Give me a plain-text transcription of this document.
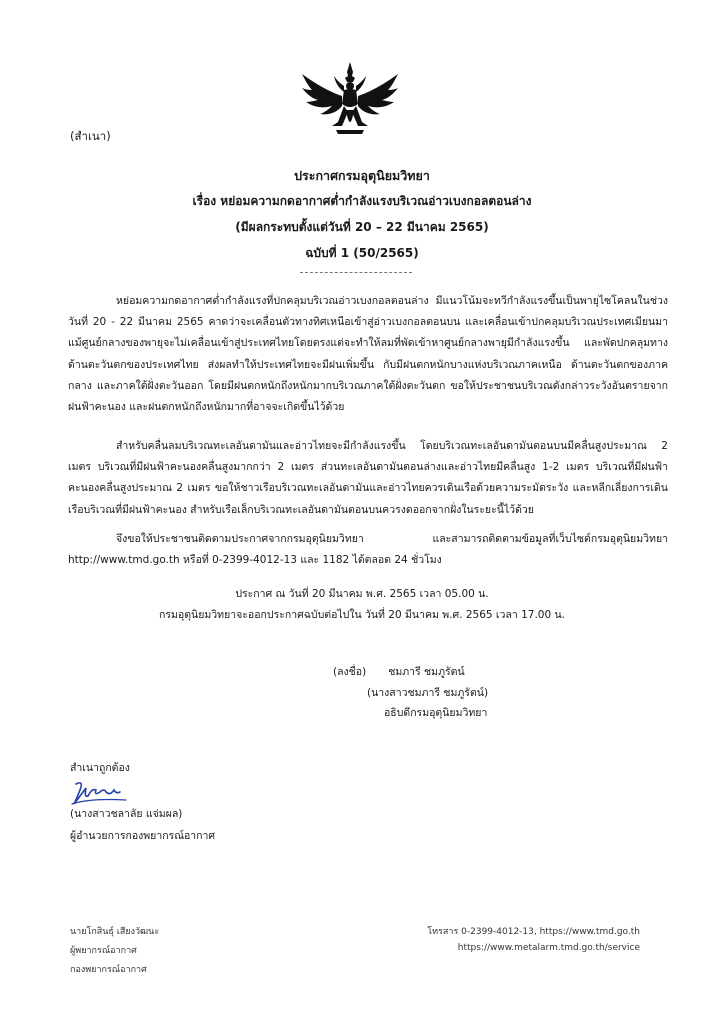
(สำเนา)
ประกาศกรมอุตุนิยมวิทยา
เรื่อง หย่อมความกดอากาศต่ำกำลังแรงบริเวณอ่าวเบงกอลตอนล่าง
(มีผลกระทบตั้งแต่วันที่ 20 – 22 มีนาคม 2565)
ฉบับที่ 1 (50/2565)

หย่อมความกดอากาศต่ำกำลังแรงที่ปกคลุมบริเวณอ่าวเบงกอลตอนล่าง มีแนวโน้มจะทวีกำลังแรงขึ้นเป็นพายุไซโคลนในช่วงวันที่ 20 - 22 มีนาคม 2565 คาดว่าจะเคลื่อนตัวทางทิศเหนือเข้าสู่อ่าวเบงกอลตอนบน และเคลื่อนเข้าปกคลุมบริเวณประเทศเมียนมา แม้ศูนย์กลางของพายุจะไม่เคลื่อนเข้าสู่ประเทศไทยโดยตรงแต่จะทำให้ลมที่พัดเข้าหาศูนย์กลางพายุมีกำลังแรงขึ้น และพัดปกคลุมทางด้านตะวันตกของประเทศไทย ส่งผลทำให้ประเทศไทยจะมีฝนเพิ่มขึ้น กับมีฝนตกหนักบางแห่งบริเวณภาคเหนือ ด้านตะวันตกของภาคกลาง และภาคใต้ฝั่งตะวันออก โดยมีฝนตกหนักถึงหนักมากบริเวณภาคใต้ฝั่งตะวันตก ขอให้ประชาชนบริเวณดังกล่าวระวังอันตรายจากฝนฟ้าคะนอง และฝนตกหนักถึงหนักมากที่อาจจะเกิดขึ้นไว้ด้วย

สำหรับคลื่นลมบริเวณทะเลอันดามันและอ่าวไทยจะมีกำลังแรงขึ้น โดยบริเวณทะเลอันดามันตอนบนมีคลื่นสูงประมาณ 2 เมตร บริเวณที่มีฝนฟ้าคะนองคลื่นสูงมากกว่า 2 เมตร ส่วนทะเลอันดามันตอนล่างและอ่าวไทยมีคลื่นสูง 1-2 เมตร บริเวณที่มีฝนฟ้าคะนองคลื่นสูงประมาณ 2 เมตร ขอให้ชาวเรือบริเวณทะเลอันดามันและอ่าวไทยควรเดินเรือด้วยความระมัดระวัง และหลีกเลี่ยงการเดินเรือบริเวณที่มีฝนฟ้าคะนอง สำหรับเรือเล็กบริเวณทะเลอันดามันตอนบนควรงดออกจากฝั่งในระยะนี้ไว้ด้วย

จึงขอให้ประชาชนติดตามประกาศจากกรมอุตุนิยมวิทยา และสามารถติดตามข้อมูลที่เว็บไซต์กรมอุตุนิยมวิทยา http://www.tmd.go.th หรือที่ 0-2399-4012-13 และ 1182 ได้ตลอด 24 ชั่วโมง

ประกาศ ณ วันที่ 20 มีนาคม พ.ศ. 2565 เวลา 05.00 น.
กรมอุตุนิยมวิทยาจะออกประกาศฉบับต่อไปใน วันที่ 20 มีนาคม พ.ศ. 2565 เวลา 17.00 น.
(ลงชื่อ) ชมภารี ชมภูรัตน์
(นางสาวชมภารี ชมภูรัตน์)
อธิบดีกรมอุตุนิยมวิทยา
สำเนาถูกต้อง
(นางสาวชลาลัย แจ่มผล)
ผู้อำนวยการกองพยากรณ์อากาศ
นายโกสินธุ์ เสียงวัฒนะ
ผู้พยากรณ์อากาศ
กองพยากรณ์อากาศ
โทรสาร 0-2399-4012-13, https://www.tmd.go.th
https://www.metalarm.tmd.go.th/service
